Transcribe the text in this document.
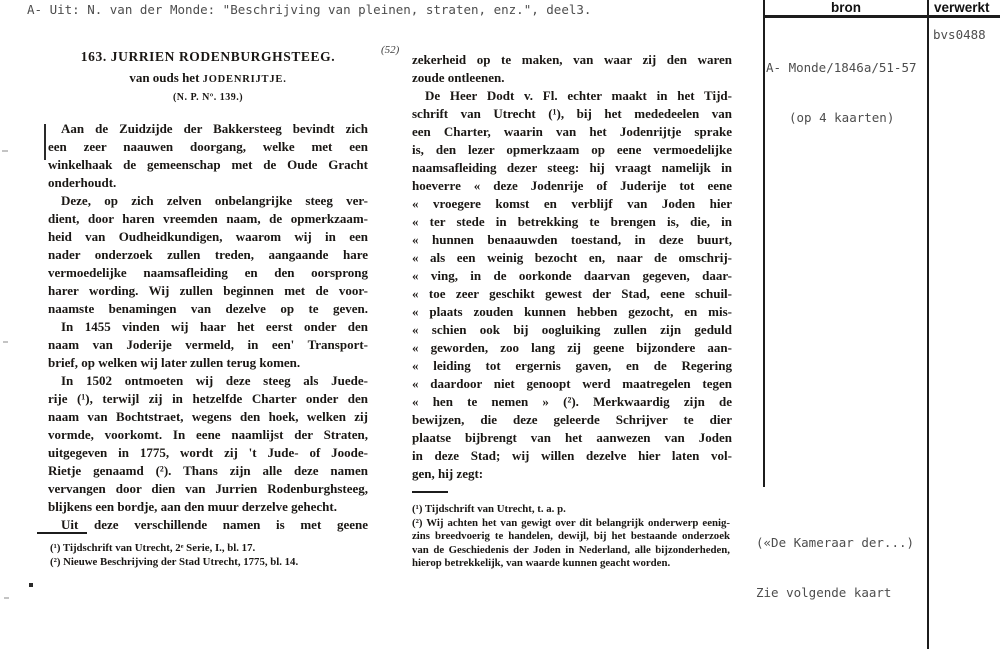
A- Uit: N. van der Monde: "Beschrijving van pleinen, straten, enz.", deel3.
163. JURRIEN RODENBURGHSTEEG.
van ouds het JODENRIJTJE.
(N. P. Nº. 139.)
Aan de Zuidzijde der Bakkersteeg bevindt zich
een zeer naauwen doorgang, welke met een
winkelhaak de gemeenschap met de Oude Gracht
onderhoudt.
Deze, op zich zelven onbelangrijke steeg ver-
dient, door haren vreemden naam, de opmerkzaam-
heid van Oudheidkundigen, waarom wij in een
nader onderzoek zullen treden, aangaande hare
vermoedelijke naamsafleiding en den oorsprong
harer wording. Wij zullen beginnen met de voor-
naamste benamingen van dezelve op te geven.
In 1455 vinden wij haar het eerst onder den
naam van Joderije vermeld, in een' Transport-
brief, op welken wij later zullen terug komen.
In 1502 ontmoeten wij deze steeg als Juede-
rije (¹), terwijl zij in hetzelfde Charter onder den
naam van Bochtstraet, wegens den hoek, welken zij
vormde, voorkomt. In eene naamlijst der Straten,
uitgegeven in 1775, wordt zij 't Jude- of Joode-
Rietje genaamd (²). Thans zijn alle deze namen
vervangen door dien van Jurrien Rodenburghsteeg,
blijkens een bordje, aan den muur derzelve gehecht.
Uit deze verschillende namen is met geene
(¹) Tijdschrift van Utrecht, 2ᵉ Serie, I., bl. 17.
(²) Nieuwe Beschrijving der Stad Utrecht, 1775, bl. 14.
(52)
zekerheid op te maken, van waar zij den waren
zoude ontleenen.
De Heer Dodt v. Fl. echter maakt in het Tijd-
schrift van Utrecht (¹), bij het mededeelen van
een Charter, waarin van het Jodenrijtje sprake
is, den lezer opmerkzaam op eene vermoedelijke
naamsafleiding dezer steeg: hij vraagt namelijk in
hoeverre « deze Jodenrije of Juderije tot eene
« vroegere komst en verblijf van Joden hier
« ter stede in betrekking te brengen is, die, in
« hunnen benaauwden toestand, in deze buurt,
« als een weinig bezocht en, naar de omschrij-
« ving, in de oorkonde daarvan gegeven, daar-
« toe zeer geschikt gewest der Stad, eene schuil-
« plaats zouden kunnen hebben gezocht, en mis-
« schien ook bij oogluiking zullen zijn geduld
« geworden, zoo lang zij geene bijzondere aan-
« leiding tot ergernis gaven, en de Regering
« daardoor niet genoopt werd maatregelen tegen
« hen te nemen » (²). Merkwaardig zijn de
bewijzen, die deze geleerde Schrijver te dier
plaatse bijbrengt van het aanwezen van Joden
in deze Stad; wij willen dezelve hier laten vol-
gen, hij zegt:
(¹) Tijdschrift van Utrecht, t. a. p.
(²) Wij achten het van gewigt over dit belangrijk onderwerp eenig-
zins breedvoerig te handelen, dewijl, bij het bestaande onderzoek
van de Geschiedenis der Joden in Nederland, alle bijzonderheden,
hierop betrekkelijk, van waarde kunnen geacht worden.
bron	verwerkt

A- Monde/1846a/51-57

(op 4 kaarten)

bvs0488

(«De Kameraar der...)

Zie volgende kaart
